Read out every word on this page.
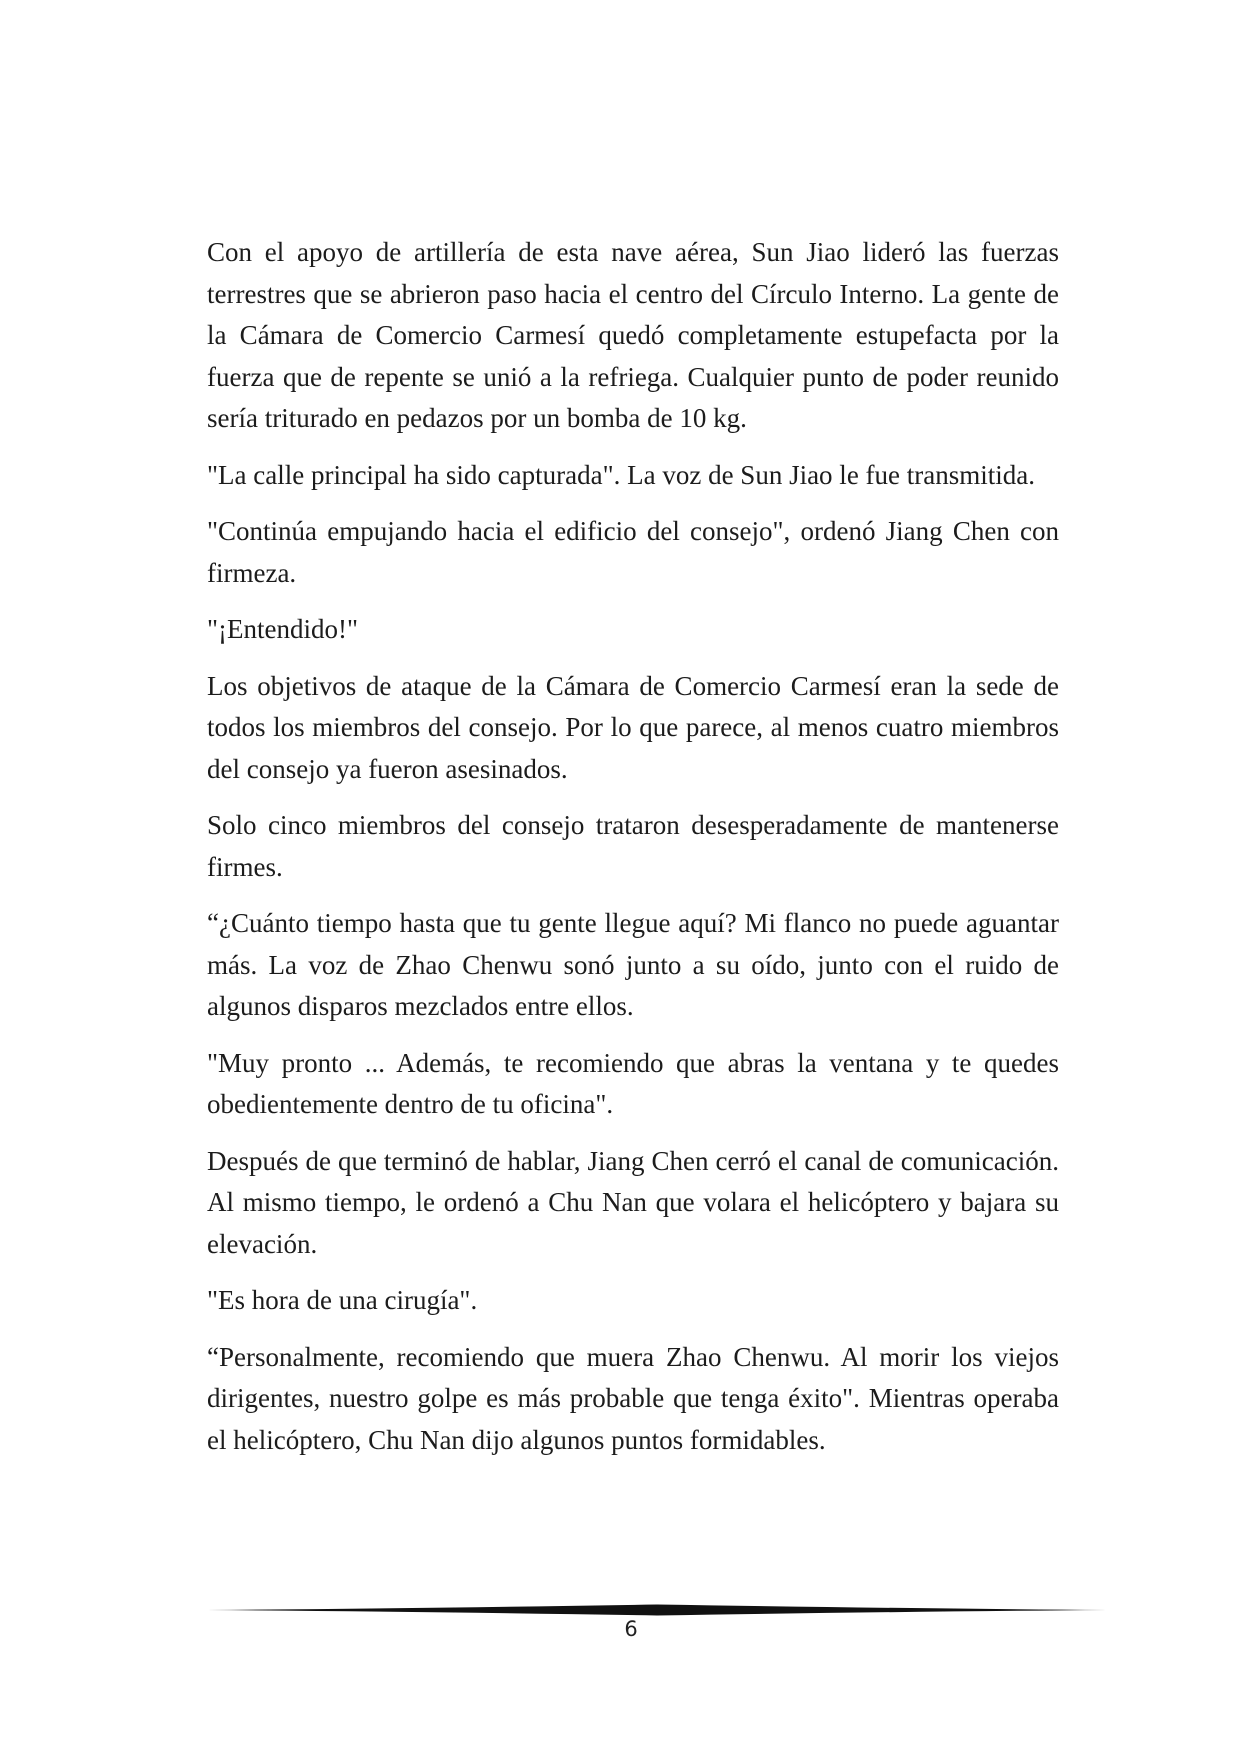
Con el apoyo de artillería de esta nave aérea, Sun Jiao lideró las fuerzas terrestres que se abrieron paso hacia el centro del Círculo Interno. La gente de la Cámara de Comercio Carmesí quedó completamente estupefacta por la fuerza que de repente se unió a la refriega. Cualquier punto de poder reunido sería triturado en pedazos por un bomba de 10 kg.

"La calle principal ha sido capturada". La voz de Sun Jiao le fue transmitida.

"Continúa empujando hacia el edificio del consejo", ordenó Jiang Chen con firmeza.

"¡Entendido!"

Los objetivos de ataque de la Cámara de Comercio Carmesí eran la sede de todos los miembros del consejo. Por lo que parece, al menos cuatro miembros del consejo ya fueron asesinados.

Solo cinco miembros del consejo trataron desesperadamente de mantenerse firmes.

“¿Cuánto tiempo hasta que tu gente llegue aquí? Mi flanco no puede aguantar más. La voz de Zhao Chenwu sonó junto a su oído, junto con el ruido de algunos disparos mezclados entre ellos.

"Muy pronto ... Además, te recomiendo que abras la ventana y te quedes obedientemente dentro de tu oficina".

Después de que terminó de hablar, Jiang Chen cerró el canal de comunicación. Al mismo tiempo, le ordenó a Chu Nan que volara el helicóptero y bajara su elevación.

"Es hora de una cirugía".

“Personalmente, recomiendo que muera Zhao Chenwu. Al morir los viejos dirigentes, nuestro golpe es más probable que tenga éxito". Mientras operaba el helicóptero, Chu Nan dijo algunos puntos formidables.

6
